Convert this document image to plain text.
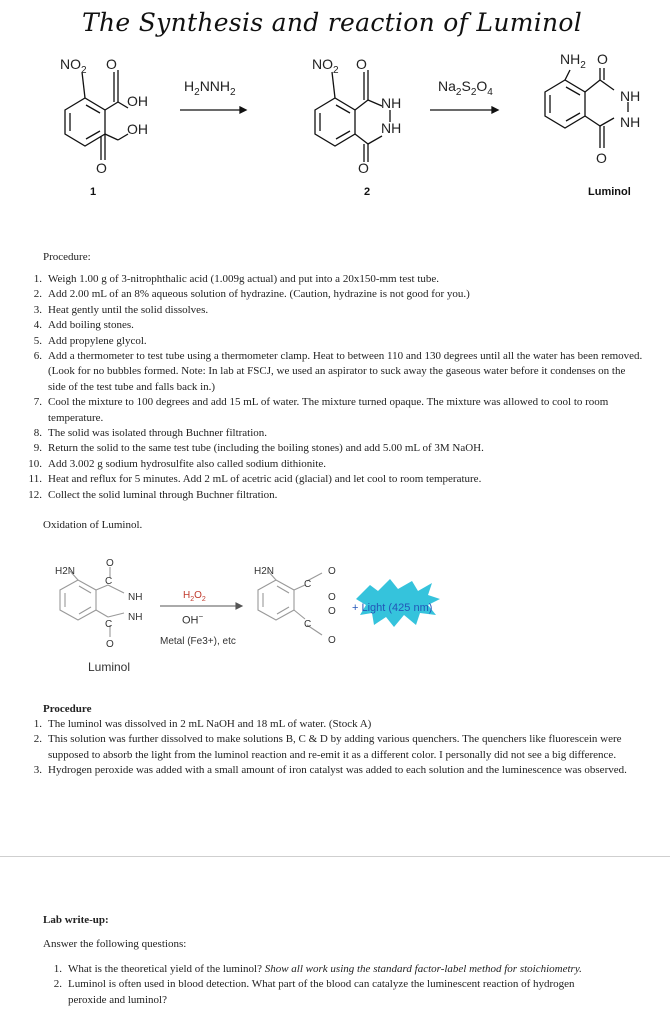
The Synthesis and reaction of Luminol
$NO_2$ O
OH
OH
O
$H_2NNH_2$
$NO_2$ O
NH
NH
O
$Na_2S_2O_4$
$NH_2$ O
NH
NH
O
1	2	Luminol
Procedure:
1. Weigh 1.00 g of 3-nitrophthalic acid (1.009g actual) and put into a 20x150-mm test tube.
2. Add 2.00 mL of an 8% aqueous solution of hydrazine. (Caution, hydrazine is not good for you.)
3. Heat gently until the solid dissolves.
4. Add boiling stones.
5. Add propylene glycol.
6. Add a thermometer to test tube using a thermometer clamp. Heat to between 110 and 130 degrees until all the water has been removed. (Look for no bubbles formed. Note: In lab at FSCJ, we used an aspirator to suck away the gaseous water before it condenses on the side of the test tube and falls back in.)
7. Cool the mixture to 100 degrees and add 15 mL of water. The mixture turned opaque. The mixture was allowed to cool to room temperature.
8. The solid was isolated through Buchner filtration.
9. Return the solid to the same test tube (including the boiling stones) and add 5.00 mL of 3M NaOH.
10. Add 3.002 g sodium hydrosulfite also called sodium dithionite.
11. Heat and reflux for 5 minutes. Add 2 mL of acetric acid (glacial) and let cool to room temperature.
12. Collect the solid luminal through Buchner filtration.
Oxidation of Luminol.
H2N
O
C
NH
NH
C
O
$H_2O_2$
OH−
Metal (Fe3+), etc
H2N	O
C
O
O
C
O
+ Light (425 nm)
Luminol
Procedure
1. The luminol was dissolved in 2 mL NaOH and 18 mL of water. (Stock A)
2. This solution was further dissolved to make solutions B, C & D by adding various quenchers. The quenchers like fluorescein were supposed to absorb the light from the luminol reaction and re-emit it as a different color. I personally did not see a big difference.
3. Hydrogen peroxide was added with a small amount of iron catalyst was added to each solution and the luminescence was observed.
Lab write-up:
Answer the following questions:
1. What is the theoretical yield of the luminol? Show all work using the standard factor-label method for stoichiometry.
2. Luminol is often used in blood detection. What part of the blood can catalyze the luminescent reaction of hydrogen peroxide and luminol?
